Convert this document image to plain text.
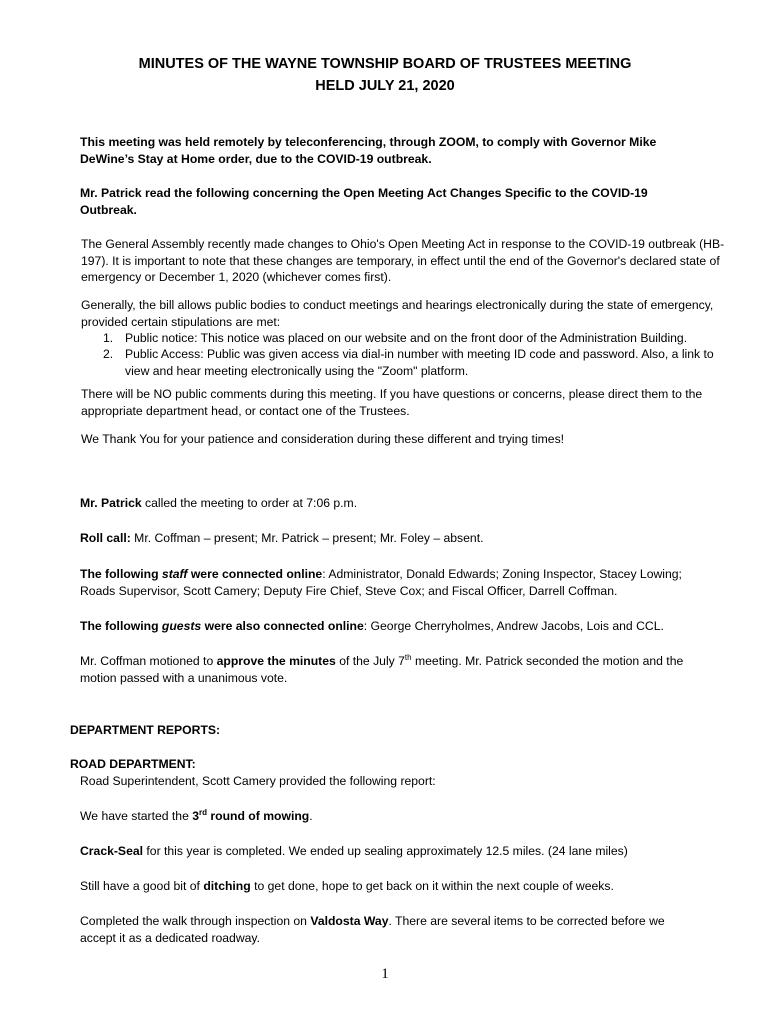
MINUTES OF THE WAYNE TOWNSHIP BOARD OF TRUSTEES MEETING
HELD JULY 21, 2020
This meeting was held remotely by teleconferencing, through ZOOM, to comply with Governor Mike DeWine’s Stay at Home order, due to the COVID-19 outbreak.
Mr. Patrick read the following concerning the Open Meeting Act Changes Specific to the COVID-19 Outbreak.
The General Assembly recently made changes to Ohio's Open Meeting Act in response to the COVID-19 outbreak (HB-197). It is important to note that these changes are temporary, in effect until the end of the Governor's declared state of emergency or December 1, 2020 (whichever comes first).
Generally, the bill allows public bodies to conduct meetings and hearings electronically during the state of emergency, provided certain stipulations are met:
1. Public notice: This notice was placed on our website and on the front door of the Administration Building.
2. Public Access: Public was given access via dial-in number with meeting ID code and password. Also, a link to view and hear meeting electronically using the "Zoom" platform.
There will be NO public comments during this meeting. If you have questions or concerns, please direct them to the appropriate department head, or contact one of the Trustees.
We Thank You for your patience and consideration during these different and trying times!
Mr. Patrick called the meeting to order at 7:06 p.m.
Roll call: Mr. Coffman – present; Mr. Patrick – present; Mr. Foley – absent.
The following staff were connected online: Administrator, Donald Edwards; Zoning Inspector, Stacey Lowing; Roads Supervisor, Scott Camery; Deputy Fire Chief, Steve Cox; and Fiscal Officer, Darrell Coffman.
The following guests were also connected online: George Cherryholmes, Andrew Jacobs, Lois and CCL.
Mr. Coffman motioned to approve the minutes of the July 7th meeting. Mr. Patrick seconded the motion and the motion passed with a unanimous vote.
DEPARTMENT REPORTS:
ROAD DEPARTMENT:
Road Superintendent, Scott Camery provided the following report:
We have started the 3rd round of mowing.
Crack-Seal for this year is completed. We ended up sealing approximately 12.5 miles. (24 lane miles)
Still have a good bit of ditching to get done, hope to get back on it within the next couple of weeks.
Completed the walk through inspection on Valdosta Way. There are several items to be corrected before we accept it as a dedicated roadway.
1
